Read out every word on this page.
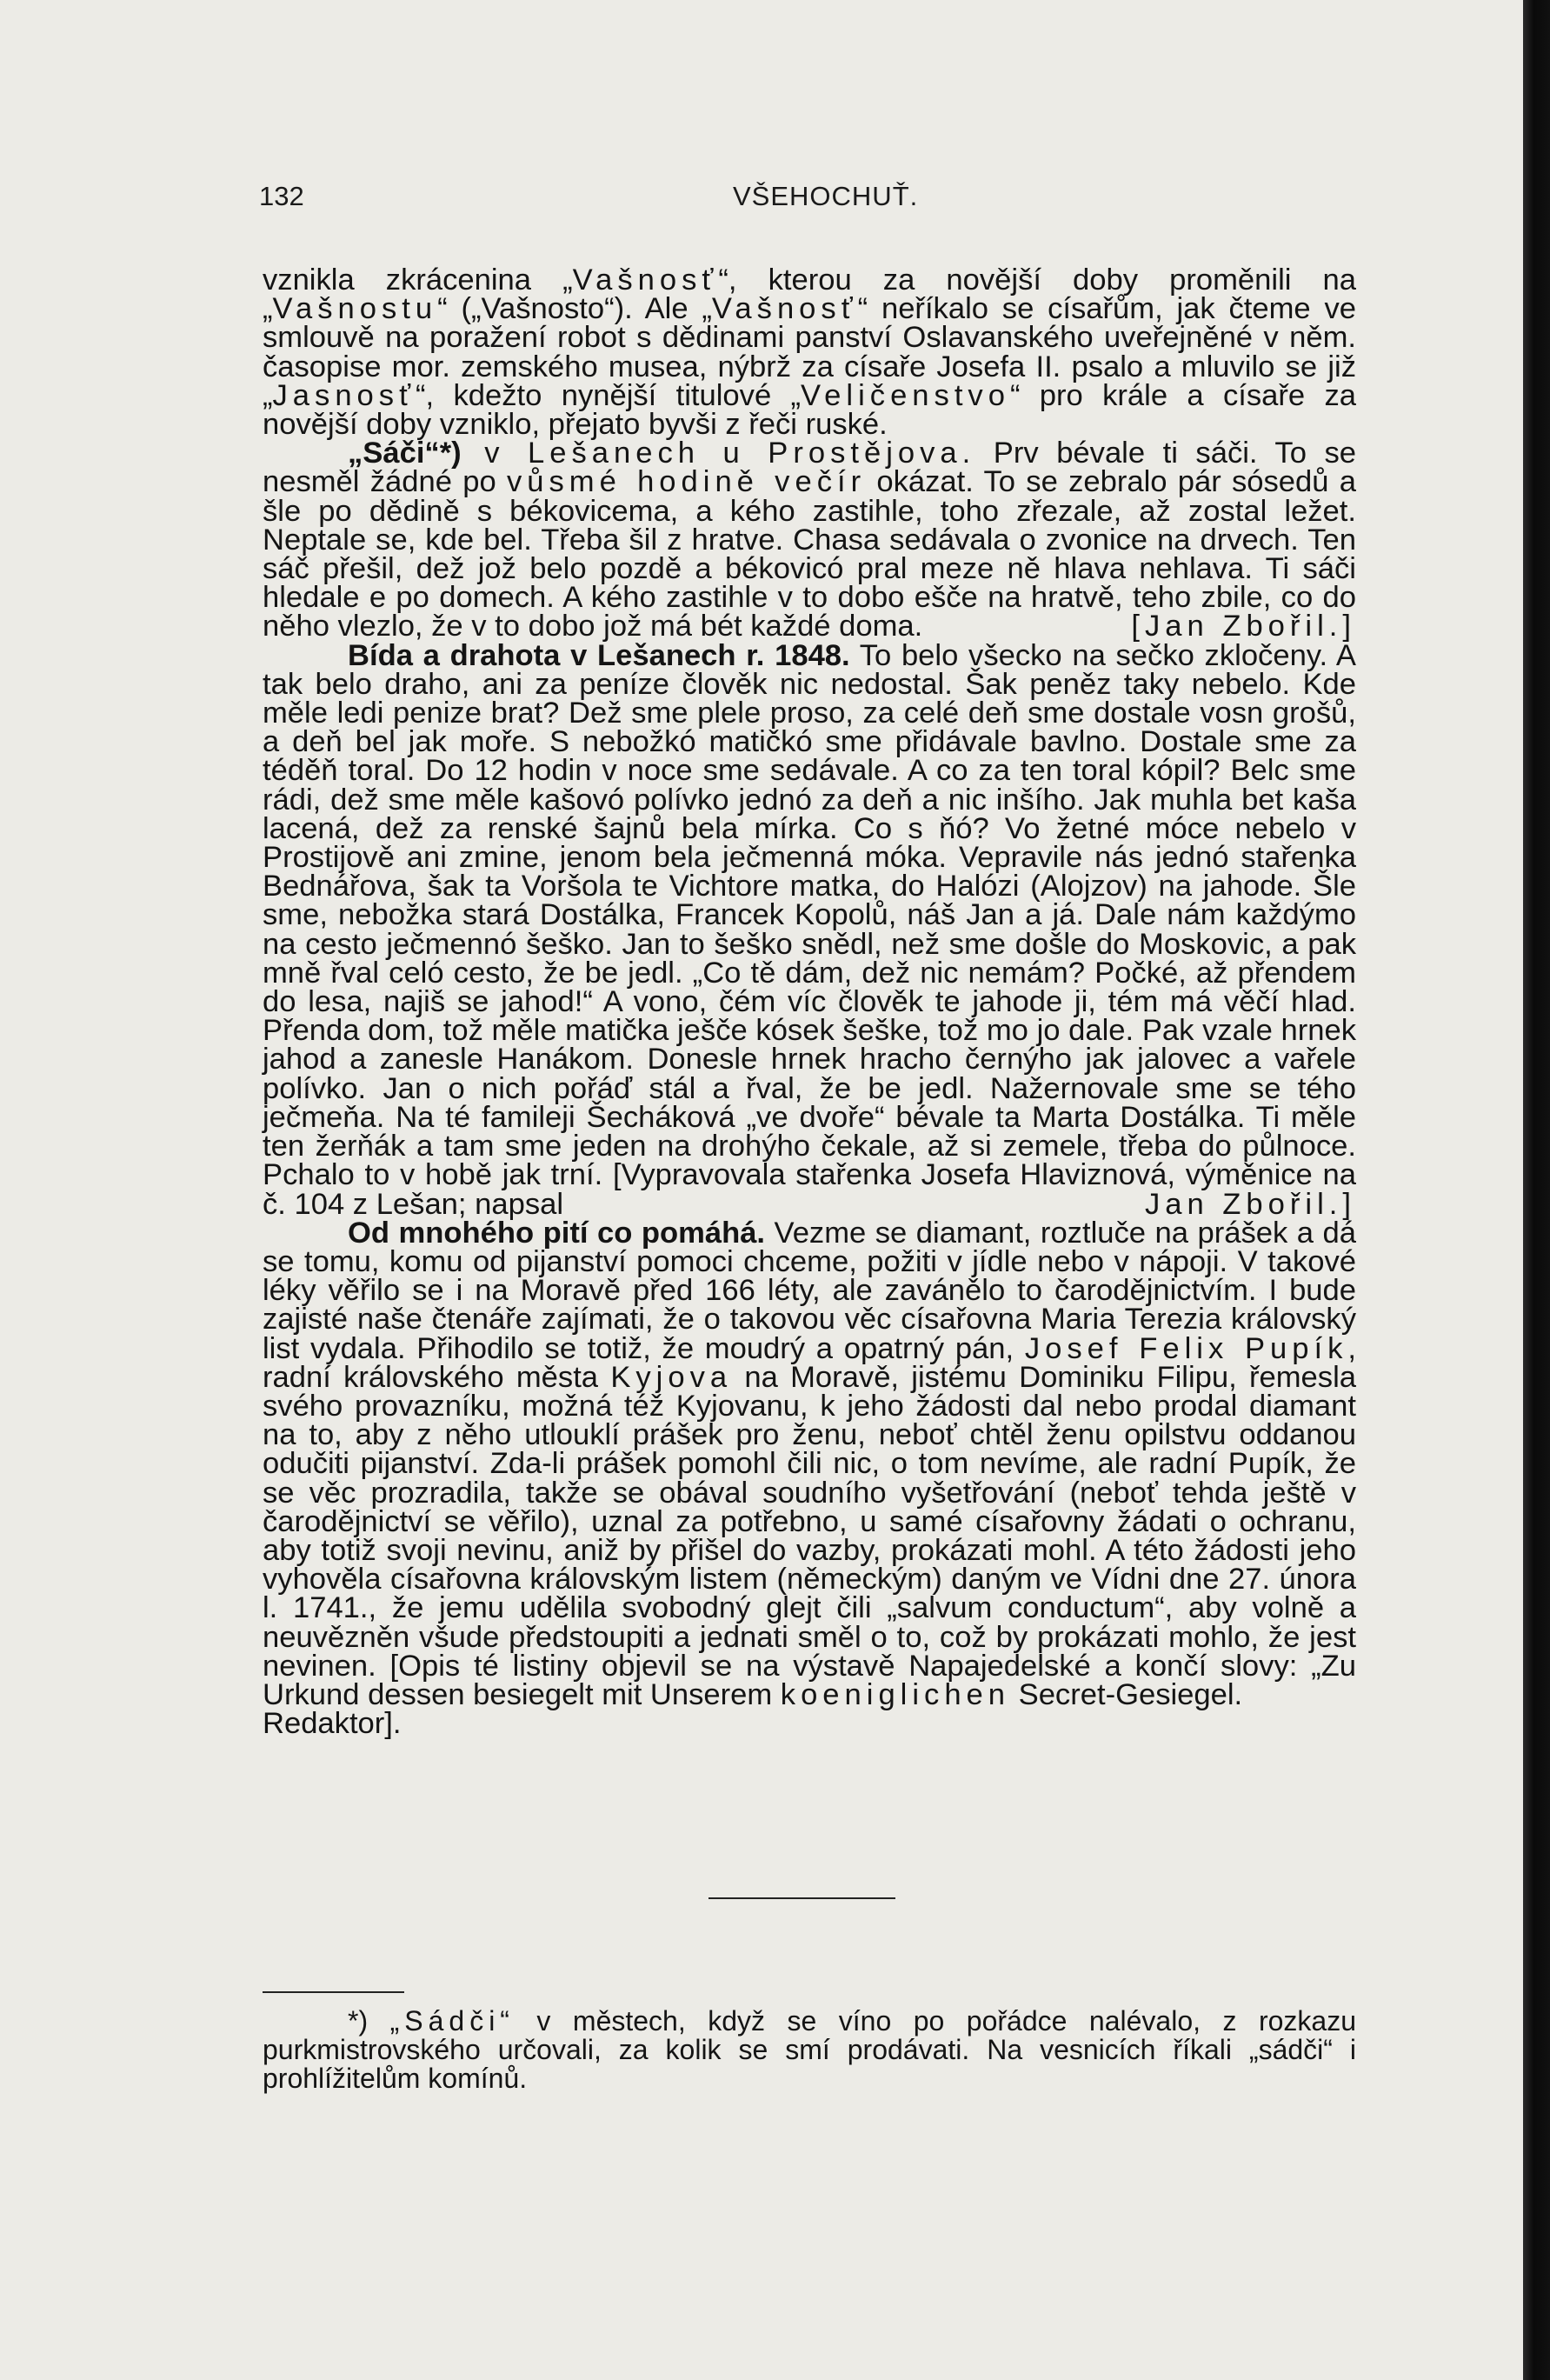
132	VŠEHOCHUŤ.

vznikla zkrácenina „Vašnosť“, kterou za novější doby proměnili na „Vašnostu“ („Vašnosto“). Ale „Vašnosť“ neříkalo se císařům, jak čteme ve smlouvě na poražení robot s dědinami panství Oslavanského uveřejněné v něm. časopise mor. zemského musea, nýbrž za císaře Josefa II. psalo a mluvilo se již „Jasnosť“, kdežto nynější titulové „Veličenstvo“ pro krále a císaře za novější doby vzniklo, přejato byvši z řeči ruské.

„Sáči“*) v Lešanech u Prostějova. Prv bévale ti sáči. To se nesměl žádné po vůsmé hodině večír okázat. To se zebralo pár sósedů a šle po dědině s békovicema, a kého zastihle, toho zřezale, až zostal ležet. Neptale se, kde bel. Třeba šil z hratve. Chasa sedávala o zvonice na drvech. Ten sáč přešil, dež jož belo pozdě a békovicó pral meze ně hlava nehlava. Ti sáči hledale e po domech. A kého zastihle v to dobo ešče na hratvě, teho zbile, co do něho vlezlo, že v to dobo jož má bét každé doma.	[Jan Zbořil.]

Bída a drahota v Lešanech r. 1848. To belo všecko na sečko zkločeny. A tak belo draho, ani za peníze člověk nic nedostal. Šak peněz taky nebelo. Kde měle ledi penize brat? Dež sme plele proso, za celé deň sme dostale vosn grošů, a deň bel jak moře. S nebožkó matičkó sme přidávale bavlno. Dostale sme za téděň toral. Do 12 hodin v noce sme sedávale. A co za ten toral kópil? Belc sme rádi, dež sme měle kašovó polívko jednó za deň a nic inšího. Jak muhla bet kaša lacená, dež za renské šajnů bela mírka. Co s ňó? Vo žetné móce nebelo v Prostijově ani zmine, jenom bela ječmenná móka. Vepravile nás jednó stařenka Bednářova, šak ta Voršola te Vichtore matka, do Halózi (Alojzov) na jahode. Šle sme, nebožka stará Dostálka, Francek Kopolů, náš Jan a já. Dale nám každýmo na cesto ječmennó šeško. Jan to šeško snědl, než sme došle do Moskovic, a pak mně řval celó cesto, že be jedl. „Co tě dám, dež nic nemám? Počké, až přendem do lesa, najiš se jahod!“ A vono, čém víc člověk te jahode ji, tém má věčí hlad. Přenda dom, tož měle matička ješče kósek šeške, tož mo jo dale. Pak vzale hrnek jahod a zanesle Hanákom. Donesle hrnek hracho černýho jak jalovec a vařele polívko. Jan o nich pořáď stál a řval, že be jedl. Nažernovale sme se tého ječmeňa. Na té famileji Šecháková „ve dvoře“ bévale ta Marta Dostálka. Ti měle ten žerňák a tam sme jeden na drohýho čekale, až si zemele, třeba do půlnoce. Pchalo to v hobě jak trní. [Vypravovala stařenka Josefa Hlaviznová, výměnice na č. 104 z Lešan; napsal	Jan Zbořil.]

Od mnohého pití co pomáhá. Vezme se diamant, roztluče na prášek a dá se tomu, komu od pijanství pomoci chceme, požiti v jídle nebo v nápoji. V takové léky věřilo se i na Moravě před 166 léty, ale zavánělo to čarodějnictvím. I bude zajisté naše čtenáře zajímati, že o takovou věc císařovna Maria Terezia královský list vydala. Přihodilo se totiž, že moudrý a opatrný pán, Josef Felix Pupík, radní královského města Kyjova na Moravě, jistému Dominiku Filipu, řemesla svého provazníku, možná též Kyjovanu, k jeho žádosti dal nebo prodal diamant na to, aby z něho utlouklí prášek pro ženu, neboť chtěl ženu opilstvu oddanou odučiti pijanství. Zda-li prášek pomohl čili nic, o tom nevíme, ale radní Pupík, že se věc prozradila, takže se obával soudního vyšetřování (neboť tehda ještě v čarodějnictví se věřilo), uznal za potřebno, u samé císařovny žádati o ochranu, aby totiž svoji nevinu, aniž by přišel do vazby, prokázati mohl. A této žádosti jeho vyhověla císařovna královským listem (německým) daným ve Vídni dne 27. února l. 1741., že jemu udělila svobodný glejt čili „salvum conductum“, aby volně a neuvězněn všude předstoupiti a jednati směl o to, což by prokázati mohlo, že jest nevinen. [Opis té listiny objevil se na výstavě Napajedelské a končí slovy: „Zu Urkund dessen besiegelt mit Unserem koeniglichen Secret-Gesiegel.

Redaktor].

*) „Sádči“ v městech, když se víno po pořádce nalévalo, z rozkazu purkmistrovského určovali, za kolik se smí prodávati. Na vesnicích říkali „sádči“ i prohlížitelům komínů.
